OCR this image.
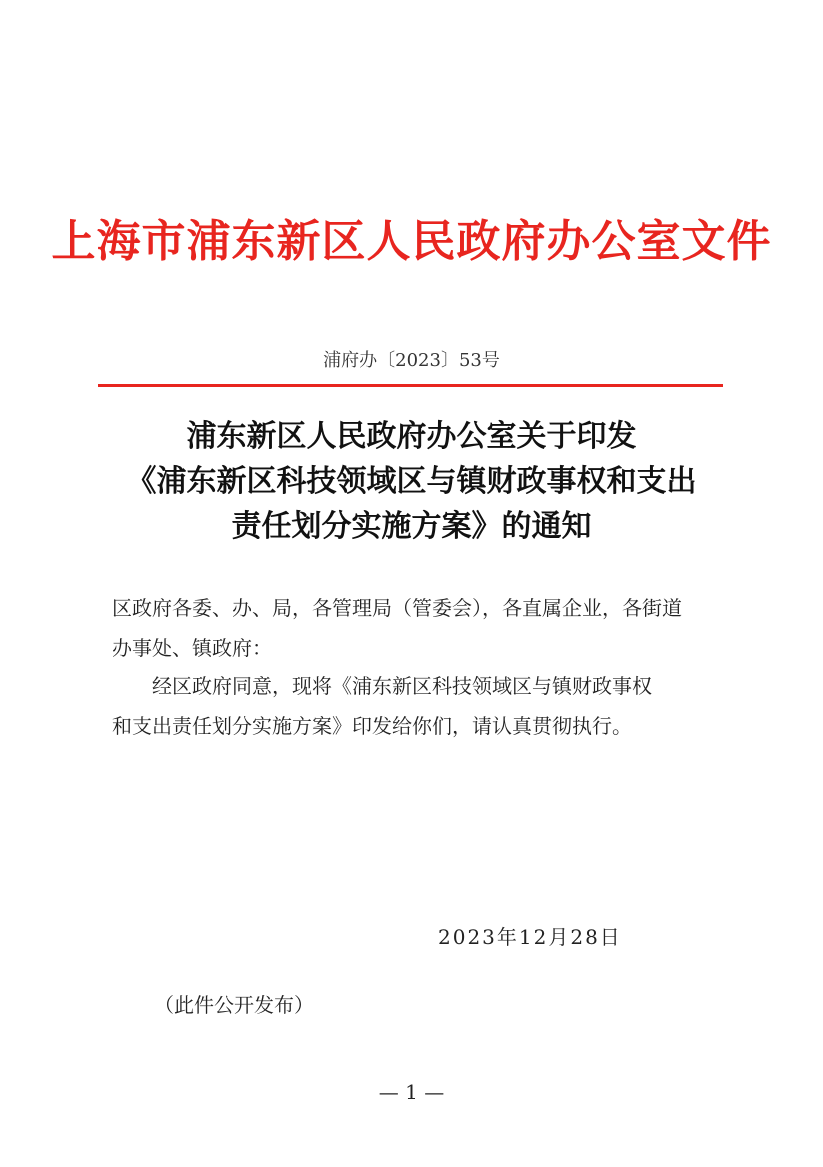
上海市浦东新区人民政府办公室文件
浦府办〔2023〕53号
浦东新区人民政府办公室关于印发
《浦东新区科技领域区与镇财政事权和支出
责任划分实施方案》的通知
区政府各委、办、局，各管理局（管委会），各直属企业，各街道
办事处、镇政府：
经区政府同意，现将《浦东新区科技领域区与镇财政事权
和支出责任划分实施方案》印发给你们，请认真贯彻执行。
2023年12月28日
（此件公开发布）
— 1 —
